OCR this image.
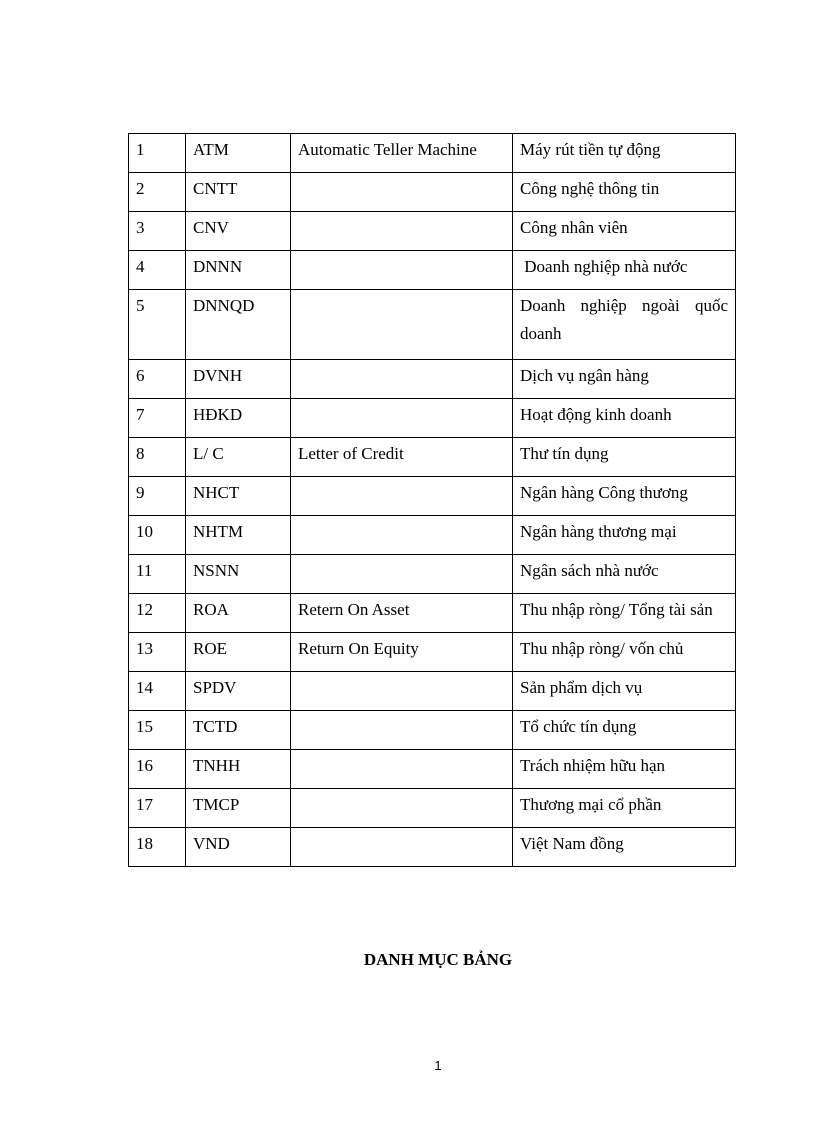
1	ATM	Automatic Teller Machine	Máy rút tiền tự động
2	CNTT		Công nghệ thông tin
3	CNV		Công nhân viên
4	DNNN		Doanh nghiệp nhà nước
5	DNNQD		Doanh nghiệp ngoài quốc doanh
6	DVNH		Dịch vụ ngân hàng
7	HĐKD		Hoạt động kinh doanh
8	L/ C	Letter of Credit	Thư tín dụng
9	NHCT		Ngân hàng Công thương
10	NHTM		Ngân hàng thương mại
11	NSNN		Ngân sách nhà nước
12	ROA	Retern On Asset	Thu nhập ròng/ Tổng tài sản
13	ROE	Return On Equity	Thu nhập ròng/ vốn chủ
14	SPDV		Sản phẩm dịch vụ
15	TCTD		Tổ chức tín dụng
16	TNHH		Trách nhiệm hữu hạn
17	TMCP		Thương mại cổ phần
18	VND		Việt Nam đồng
DANH MỤC BẢNG
1
